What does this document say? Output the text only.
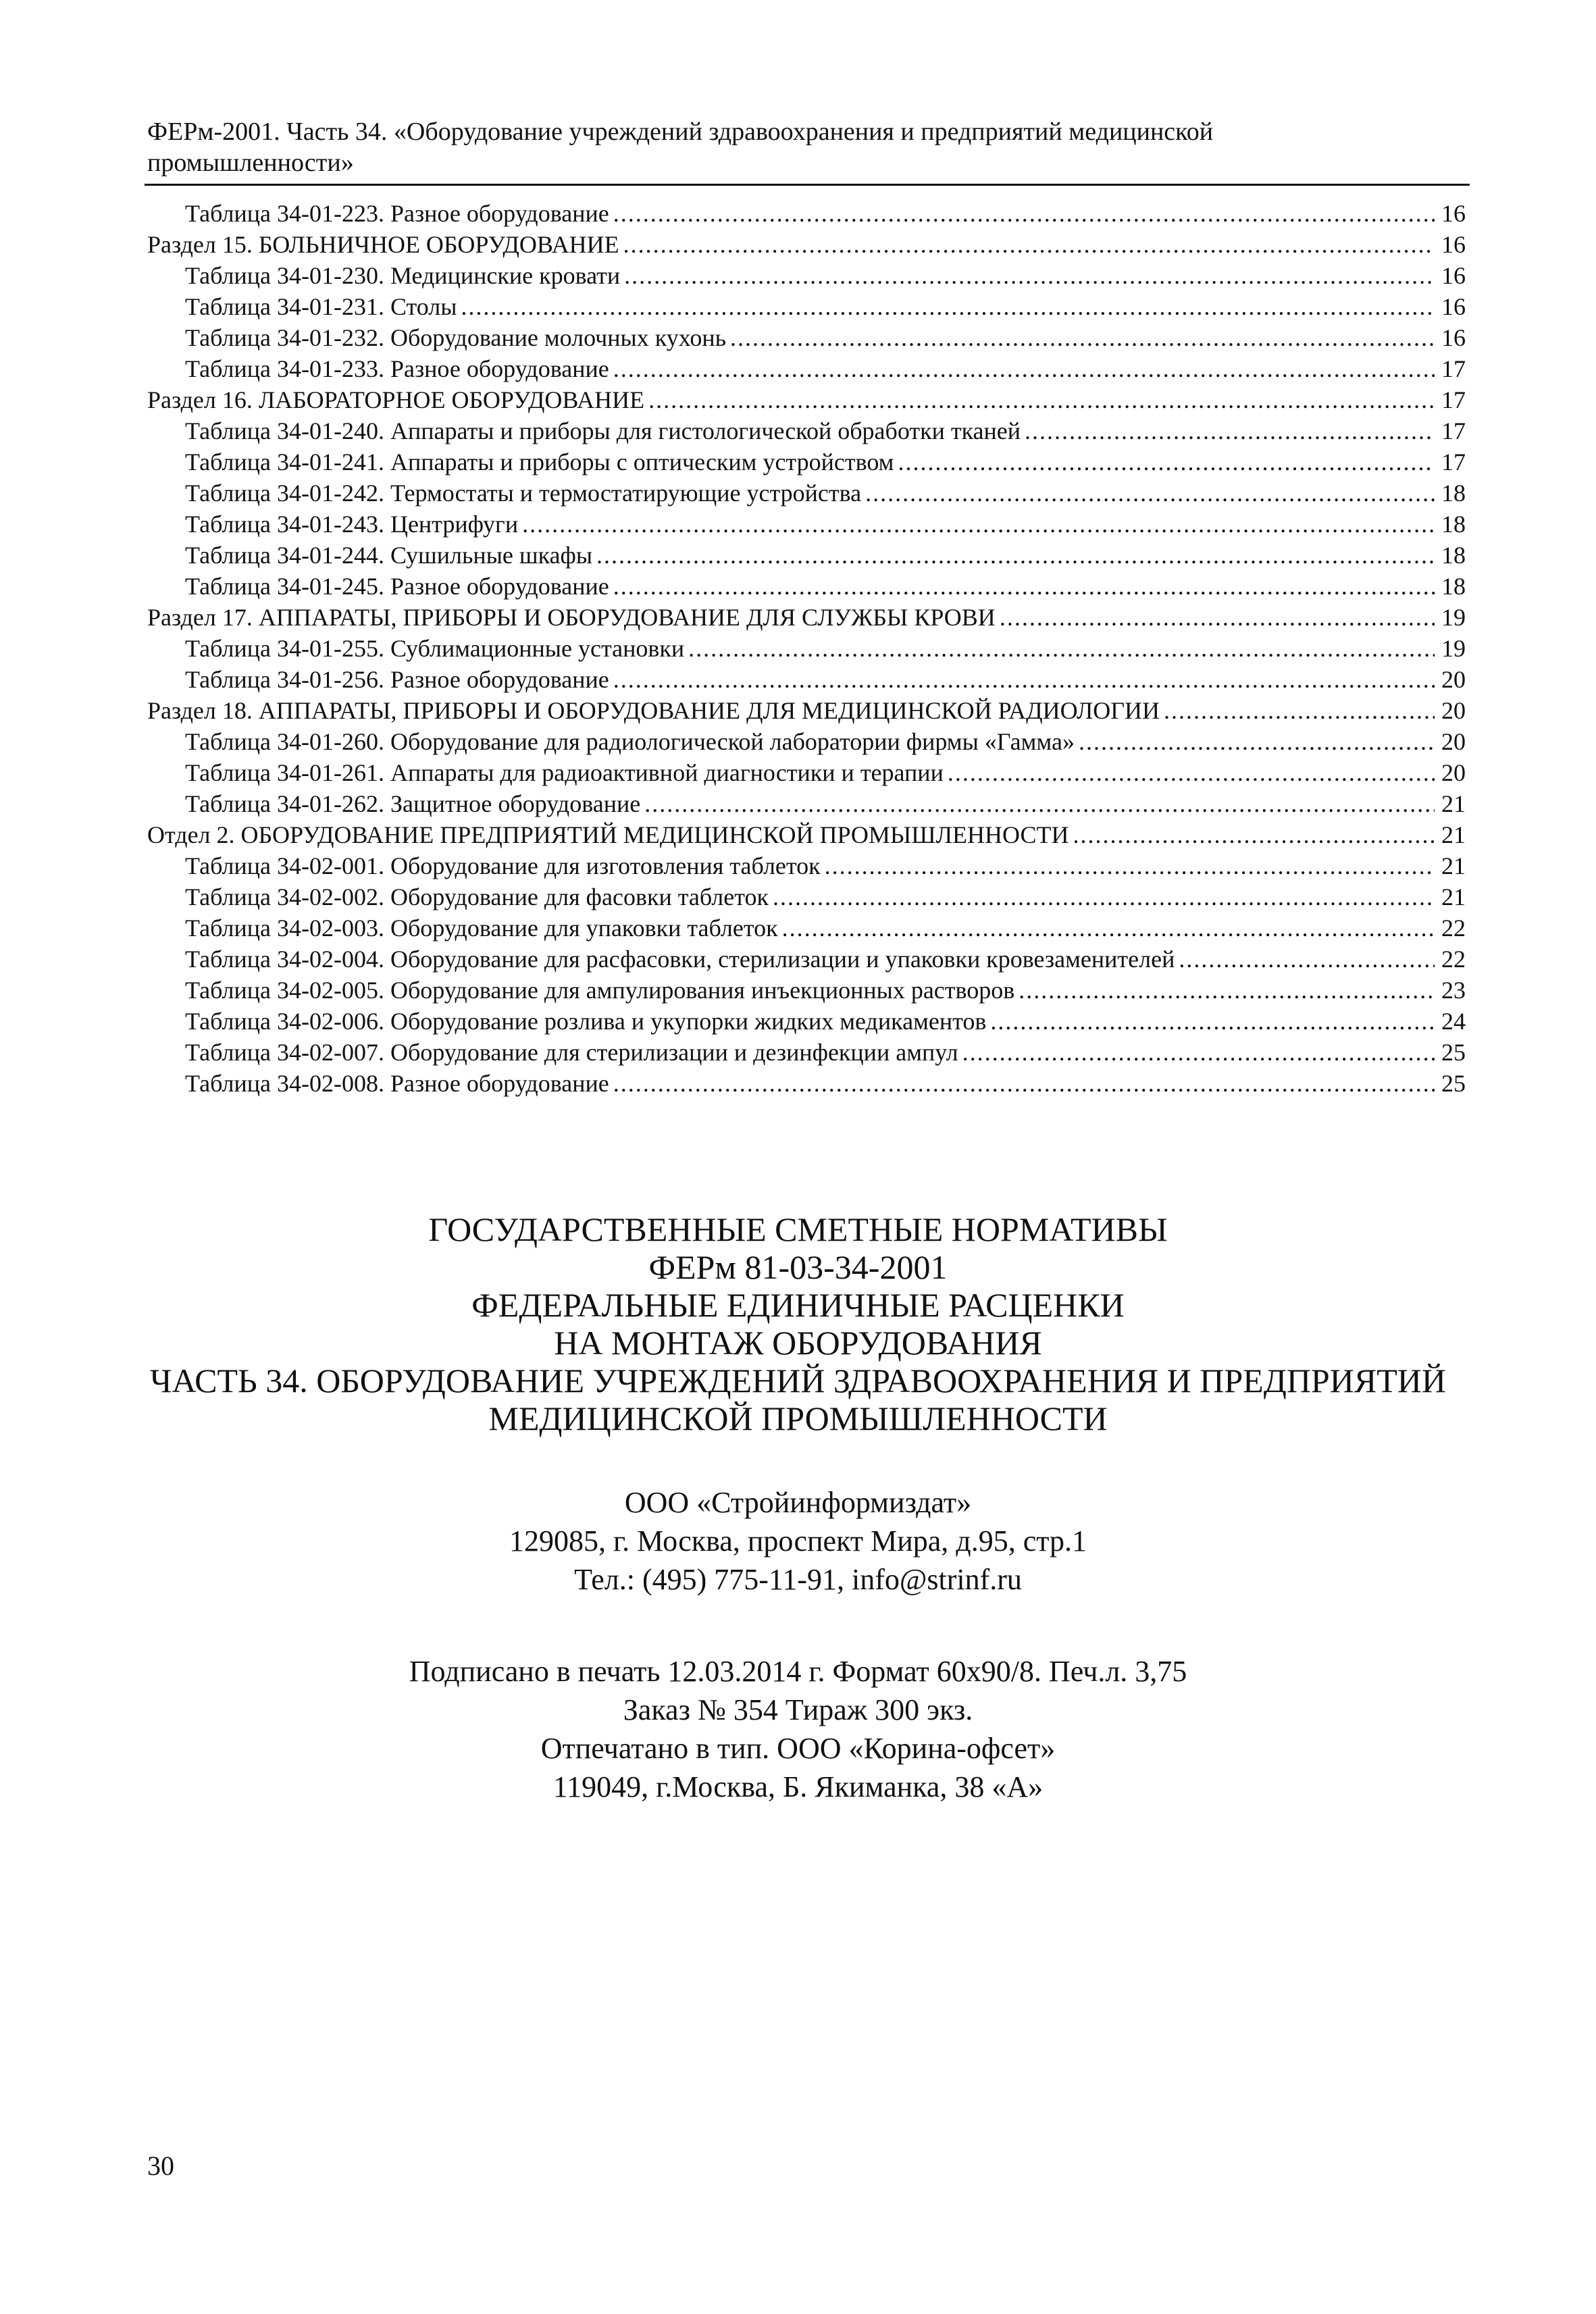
ФЕРм-2001. Часть 34. «Оборудование учреждений здравоохранения и предприятий медицинской
промышленности»
Таблица 34-01-223. Разное оборудование .....	16
Раздел 15. БОЛЬНИЧНОЕ ОБОРУДОВАНИЕ .....	16
Таблица 34-01-230. Медицинские кровати .....	16
Таблица 34-01-231. Столы .....	16
Таблица 34-01-232. Оборудование молочных кухонь .....	16
Таблица 34-01-233. Разное оборудование .....	17
Раздел 16. ЛАБОРАТОРНОЕ ОБОРУДОВАНИЕ .....	17
Таблица 34-01-240. Аппараты и приборы для гистологической обработки тканей .....	17
Таблица 34-01-241. Аппараты и приборы с оптическим устройством .....	17
Таблица 34-01-242. Термостаты и термостатирующие устройства .....	18
Таблица 34-01-243. Центрифуги .....	18
Таблица 34-01-244. Сушильные шкафы .....	18
Таблица 34-01-245. Разное оборудование .....	18
Раздел 17. АППАРАТЫ, ПРИБОРЫ И ОБОРУДОВАНИЕ ДЛЯ СЛУЖБЫ КРОВИ .....	19
Таблица 34-01-255. Сублимационные установки .....	19
Таблица 34-01-256. Разное оборудование .....	20
Раздел 18. АППАРАТЫ, ПРИБОРЫ И ОБОРУДОВАНИЕ ДЛЯ МЕДИЦИНСКОЙ РАДИОЛОГИИ .....	20
Таблица 34-01-260. Оборудование для радиологической лаборатории фирмы «Гамма» .....	20
Таблица 34-01-261. Аппараты для радиоактивной диагностики и терапии .....	20
Таблица 34-01-262. Защитное оборудование .....	21
Отдел 2. ОБОРУДОВАНИЕ ПРЕДПРИЯТИЙ МЕДИЦИНСКОЙ ПРОМЫШЛЕННОСТИ .....	21
Таблица 34-02-001. Оборудование для изготовления таблеток .....	21
Таблица 34-02-002. Оборудование для фасовки таблеток .....	21
Таблица 34-02-003. Оборудование для упаковки таблеток .....	22
Таблица 34-02-004. Оборудование для расфасовки, стерилизации и упаковки кровезаменителей .....	22
Таблица 34-02-005. Оборудование для ампулирования инъекционных растворов .....	23
Таблица 34-02-006. Оборудование розлива и укупорки жидких медикаментов .....	24
Таблица 34-02-007. Оборудование для стерилизации и дезинфекции ампул .....	25
Таблица 34-02-008. Разное оборудование .....	25
ГОСУДАРСТВЕННЫЕ СМЕТНЫЕ НОРМАТИВЫ
ФЕРм 81-03-34-2001
ФЕДЕРАЛЬНЫЕ ЕДИНИЧНЫЕ РАСЦЕНКИ
НА МОНТАЖ ОБОРУДОВАНИЯ
ЧАСТЬ 34. ОБОРУДОВАНИЕ УЧРЕЖДЕНИЙ ЗДРАВООХРАНЕНИЯ И ПРЕДПРИЯТИЙ
МЕДИЦИНСКОЙ ПРОМЫШЛЕННОСТИ
ООО «Стройинформиздат»
129085, г. Москва, проспект Мира, д.95, стр.1
Тел.: (495) 775-11-91, info@strinf.ru
Подписано в печать 12.03.2014 г. Формат 60х90/8. Печ.л. 3,75
Заказ № 354 Тираж 300 экз.
Отпечатано в тип. ООО «Корина-офсет»
119049, г.Москва, Б. Якиманка, 38 «А»
30
